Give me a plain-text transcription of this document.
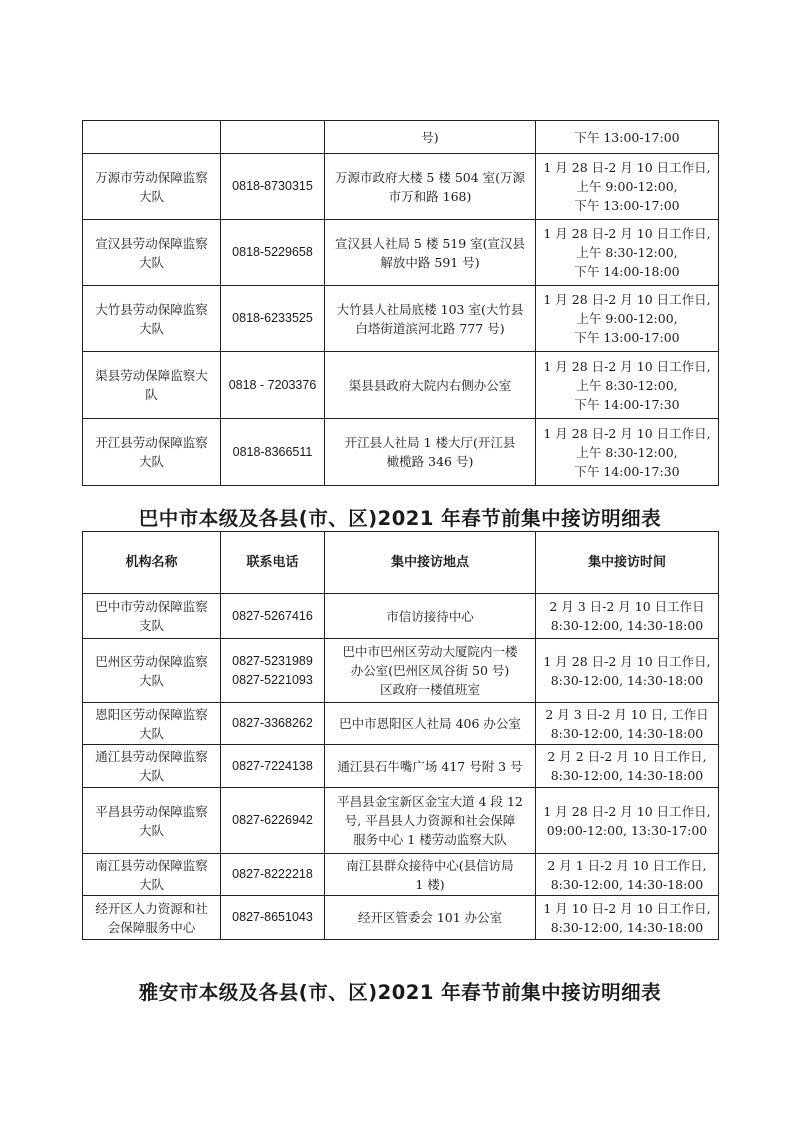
		号)	下午 13:00-17:00

万源市劳动保障监察
大队	0818-8730315	万源市政府大楼 5 楼 504 室(万源
市万和路 168)	1 月 28 日-2 月 10 日工作日,
上午 9:00-12:00,
下午 13:00-17:00

宣汉县劳动保障监察
大队	0818-5229658	宣汉县人社局 5 楼 519 室(宣汉县
解放中路 591 号)	1 月 28 日-2 月 10 日工作日,
上午 8:30-12:00,
下午 14:00-18:00

大竹县劳动保障监察
大队	0818-6233525	大竹县人社局底楼 103 室(大竹县
白塔街道滨河北路 777 号)	1 月 28 日-2 月 10 日工作日,
上午 9:00-12:00,
下午 13:00-17:00

渠县劳动保障监察大
队	0818 - 7203376	渠县县政府大院内右侧办公室	1 月 28 日-2 月 10 日工作日,
上午 8:30-12:00,
下午 14:00-17:30

开江县劳动保障监察
大队	0818-8366511	开江县人社局 1 楼大厅(开江县
橄榄路 346 号)	1 月 28 日-2 月 10 日工作日,
上午 8:30-12:00,
下午 14:00-17:30
巴中市本级及各县(市、区)2021 年春节前集中接访明细表
机构名称	联系电话	集中接访地点	集中接访时间

巴中市劳动保障监察
支队	0827-5267416	市信访接待中心	2 月 3 日-2 月 10 日工作日
8:30-12:00, 14:30-18:00

巴州区劳动保障监察
大队	0827-5231989
0827-5221093	巴中市巴州区劳动大厦院内一楼
办公室(巴州区凤谷街 50 号)
区政府一楼值班室	1 月 28 日-2 月 10 日工作日,
8:30-12:00, 14:30-18:00

恩阳区劳动保障监察
大队	0827-3368262	巴中市恩阳区人社局 406 办公室	2 月 3 日-2 月 10 日, 工作日
8:30-12:00, 14:30-18:00

通江县劳动保障监察
大队	0827-7224138	通江县石牛嘴广场 417 号附 3 号	2 月 2 日-2 月 10 日工作日,
8:30-12:00, 14:30-18:00

平昌县劳动保障监察
大队	0827-6226942	平昌县金宝新区金宝大道 4 段 12
号, 平昌县人力资源和社会保障
服务中心 1 楼劳动监察大队	1 月 28 日-2 月 10 日工作日,
09:00-12:00, 13:30-17:00

南江县劳动保障监察
大队	0827-8222218	南江县群众接待中心(县信访局
1 楼)	2 月 1 日-2 月 10 日工作日,
8:30-12:00, 14:30-18:00

经开区人力资源和社
会保障服务中心	0827-8651043	经开区管委会 101 办公室	1 月 10 日-2 月 10 日工作日,
8:30-12:00, 14:30-18:00
雅安市本级及各县(市、区)2021 年春节前集中接访明细表
